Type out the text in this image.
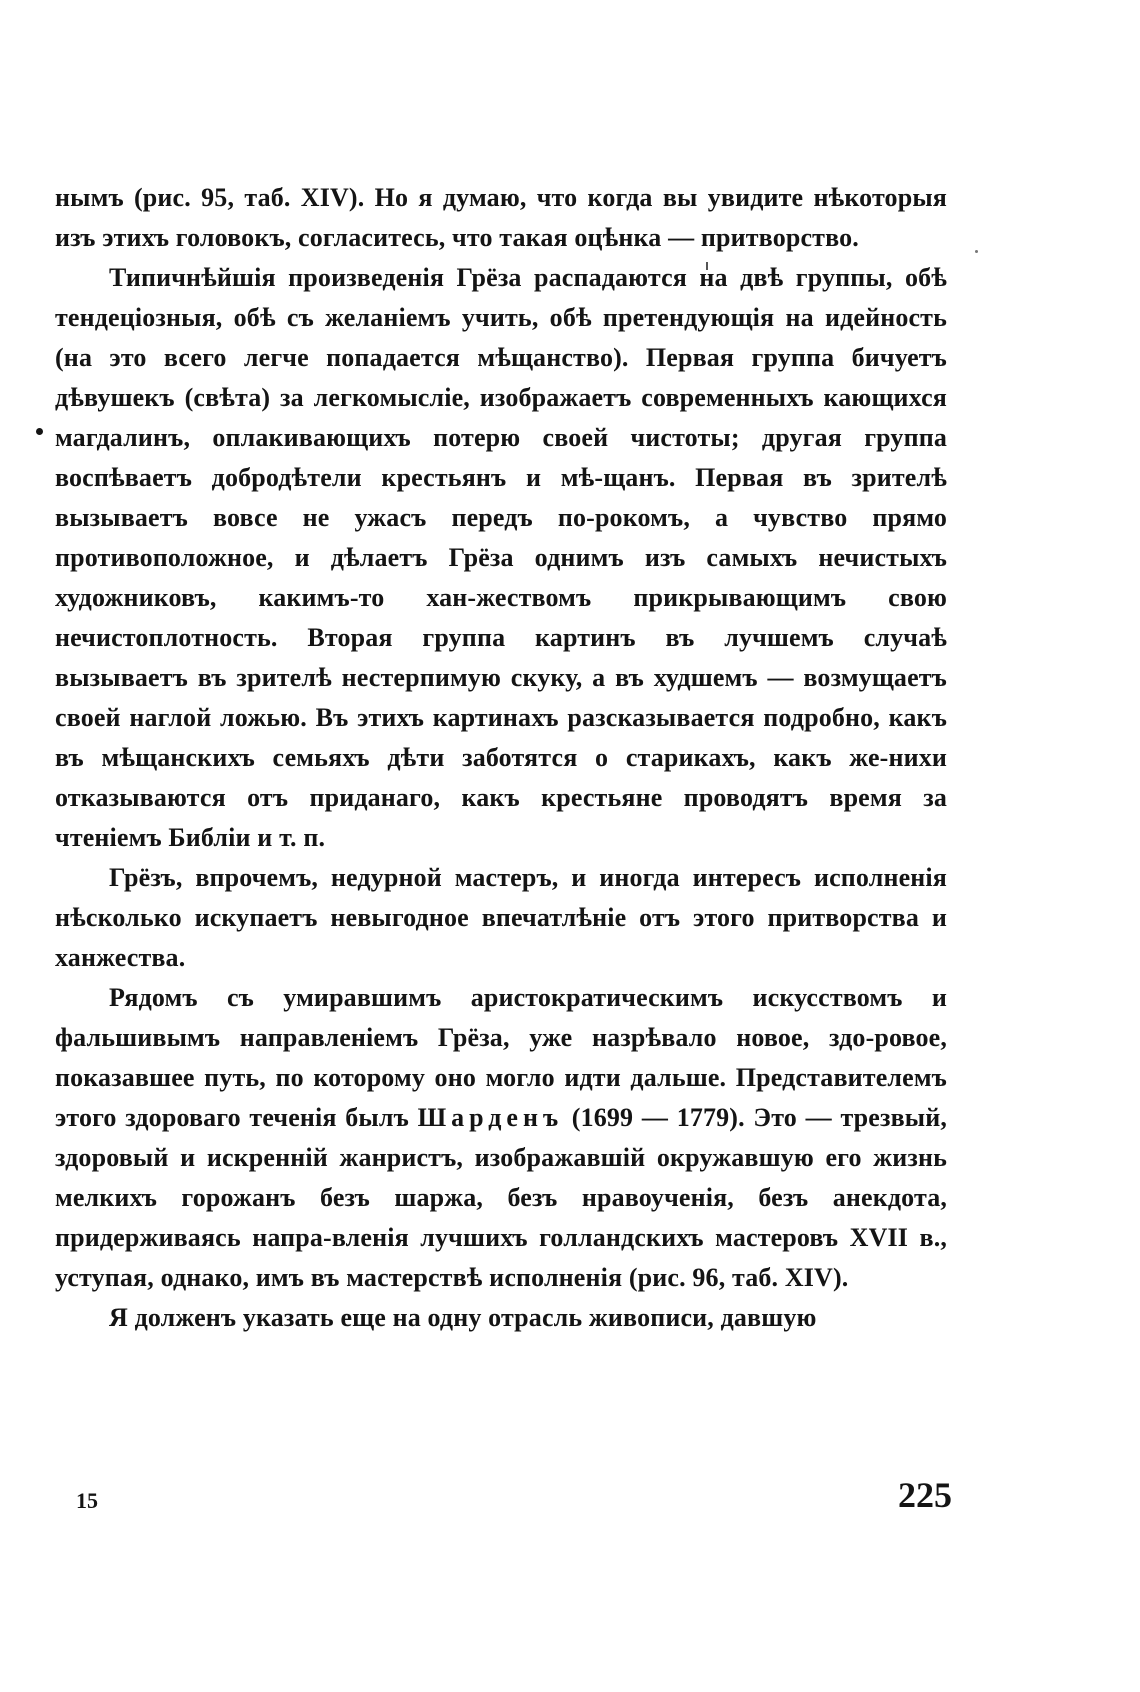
нымъ (рис. 95, таб. XIV). Но я думаю, что когда вы увидите нѣкоторыя изъ этихъ головокъ, согласитесь, что такая оцѣнка — притворство.

Типичнѣйшія произведенія Грёза распадаются на двѣ группы, обѣ тендеціозныя, обѣ съ желаніемъ учить, обѣ претендующія на идейность (на это всего легче попадается мѣщанство). Первая группа бичуетъ дѣвушекъ (свѣта) за легкомысліе, изображаетъ современныхъ кающихся магдалинъ, оплакивающихъ потерю своей чистоты; другая группа воспѣваетъ добродѣтели крестьянъ и мѣ-щанъ. Первая въ зрителѣ вызываетъ вовсе не ужасъ передъ по-рокомъ, а чувство прямо противоположное, и дѣлаетъ Грёза однимъ изъ самыхъ нечистыхъ художниковъ, какимъ-то хан-жествомъ прикрывающимъ свою нечистоплотность. Вторая группа картинъ въ лучшемъ случаѣ вызываетъ въ зрителѣ нестерпимую скуку, а въ худшемъ — возмущаетъ своей наглой ложью. Въ этихъ картинахъ разсказывается подробно, какъ въ мѣщанскихъ семьяхъ дѣти заботятся о старикахъ, какъ же-нихи отказываются отъ приданаго, какъ крестьяне проводятъ время за чтеніемъ Библіи и т. п.

Грёзъ, впрочемъ, недурной мастеръ, и иногда интересъ исполненія нѣсколько искупаетъ невыгодное впечатлѣніе отъ этого притворства и ханжества.

Рядомъ съ умиравшимъ аристократическимъ искусствомъ и фальшивымъ направленіемъ Грёза, уже назрѣвало новое, здо-ровое, показавшее путь, по которому оно могло идти дальше. Представителемъ этого здороваго теченія былъ Шарденъ (1699 — 1779). Это — трезвый, здоровый и искренній жанристъ, изображавшій окружавшую его жизнь мелкихъ горожанъ безъ шаржа, безъ нравоученія, безъ анекдота, придерживаясь напра-вленія лучшихъ голландскихъ мастеровъ XVII в., уступая, однако, имъ въ мастерствѣ исполненія (рис. 96, таб. XIV).

Я долженъ указать еще на одну отрасль живописи, давшую

15	225
